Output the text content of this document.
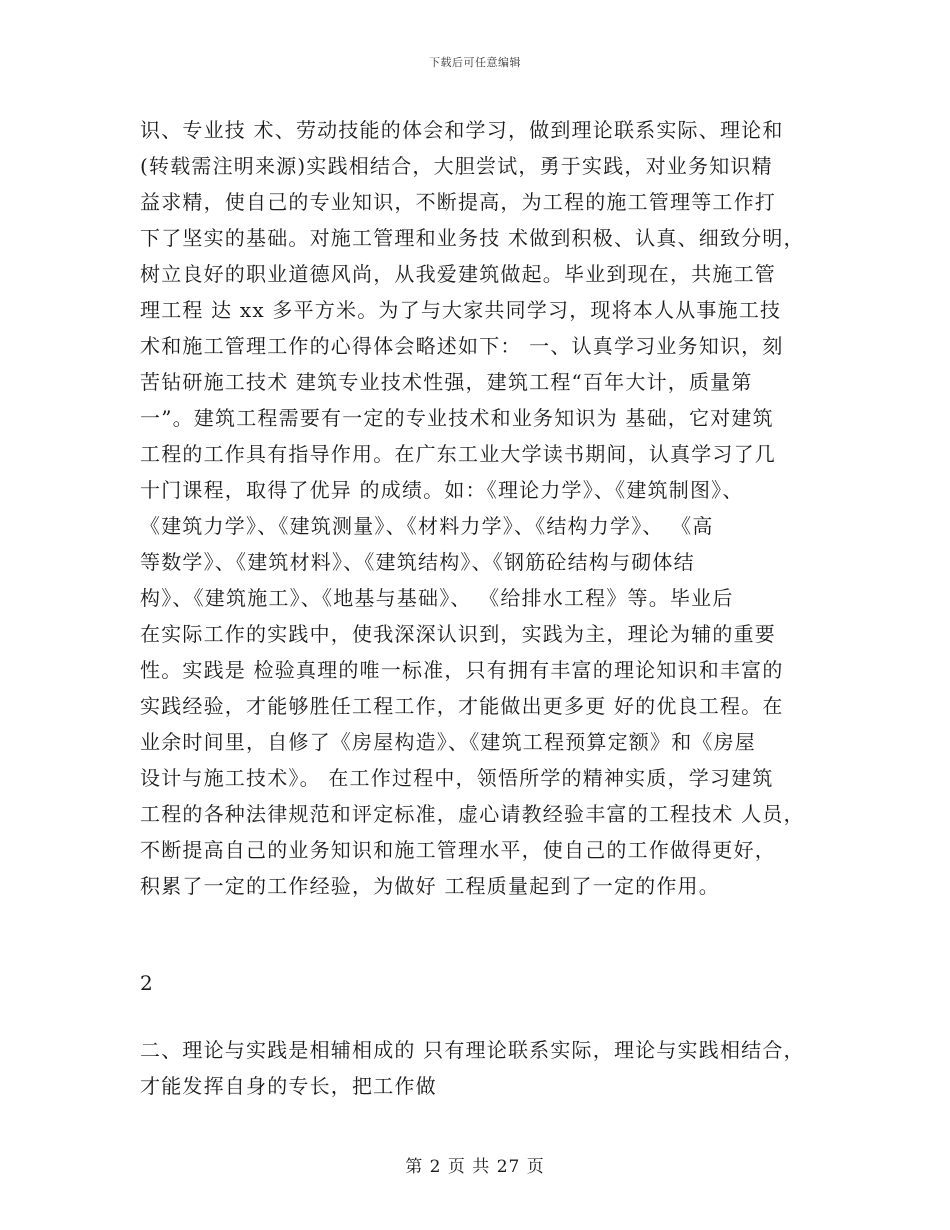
下载后可任意编辑
识、专业技 术、劳动技能的体会和学习，做到理论联系实际、理论和
(转载需注明来源)实践相结合，大胆尝试，勇于实践，对业务知识精
益求精，使自己的专业知识，不断提高，为工程的施工管理等工作打
下了坚实的基础。对施工管理和业务技 术做到积极、认真、细致分明，
树立良好的职业道德风尚，从我爱建筑做起。毕业到现在，共施工管
理工程 达 xx 多平方米。为了与大家共同学习，现将本人从事施工技
术和施工管理工作的心得体会略述如下： 一、认真学习业务知识，刻
苦钻研施工技术 建筑专业技术性强，建筑工程“百年大计，质量第
一”。建筑工程需要有一定的专业技术和业务知识为 基础，它对建筑
工程的工作具有指导作用。在广东工业大学读书期间，认真学习了几
十门课程，取得了优异 的成绩。如：《理论力学》、《建筑制图》、
《建筑力学》、《建筑测量》、《材料力学》、《结构力学》、 《高
等数学》、《建筑材料》、《建筑结构》、《钢筋砼结构与砌体结
构》、《建筑施工》、《地基与基础》、 《给排水工程》等。毕业后
在实际工作的实践中，使我深深认识到，实践为主，理论为辅的重要
性。实践是 检验真理的唯一标准，只有拥有丰富的理论知识和丰富的
实践经验，才能够胜任工程工作，才能做出更多更 好的优良工程。在
业余时间里，自修了《房屋构造》、《建筑工程预算定额》和《房屋
设计与施工技术》。 在工作过程中，领悟所学的精神实质，学习建筑
工程的各种法律规范和评定标准，虚心请教经验丰富的工程技术 人员，
不断提高自己的业务知识和施工管理水平，使自己的工作做得更好，
积累了一定的工作经验，为做好 工程质量起到了一定的作用。
2
二、理论与实践是相辅相成的 只有理论联系实际，理论与实践相结合，
才能发挥自身的专长，把工作做
第 2 页 共 27 页
